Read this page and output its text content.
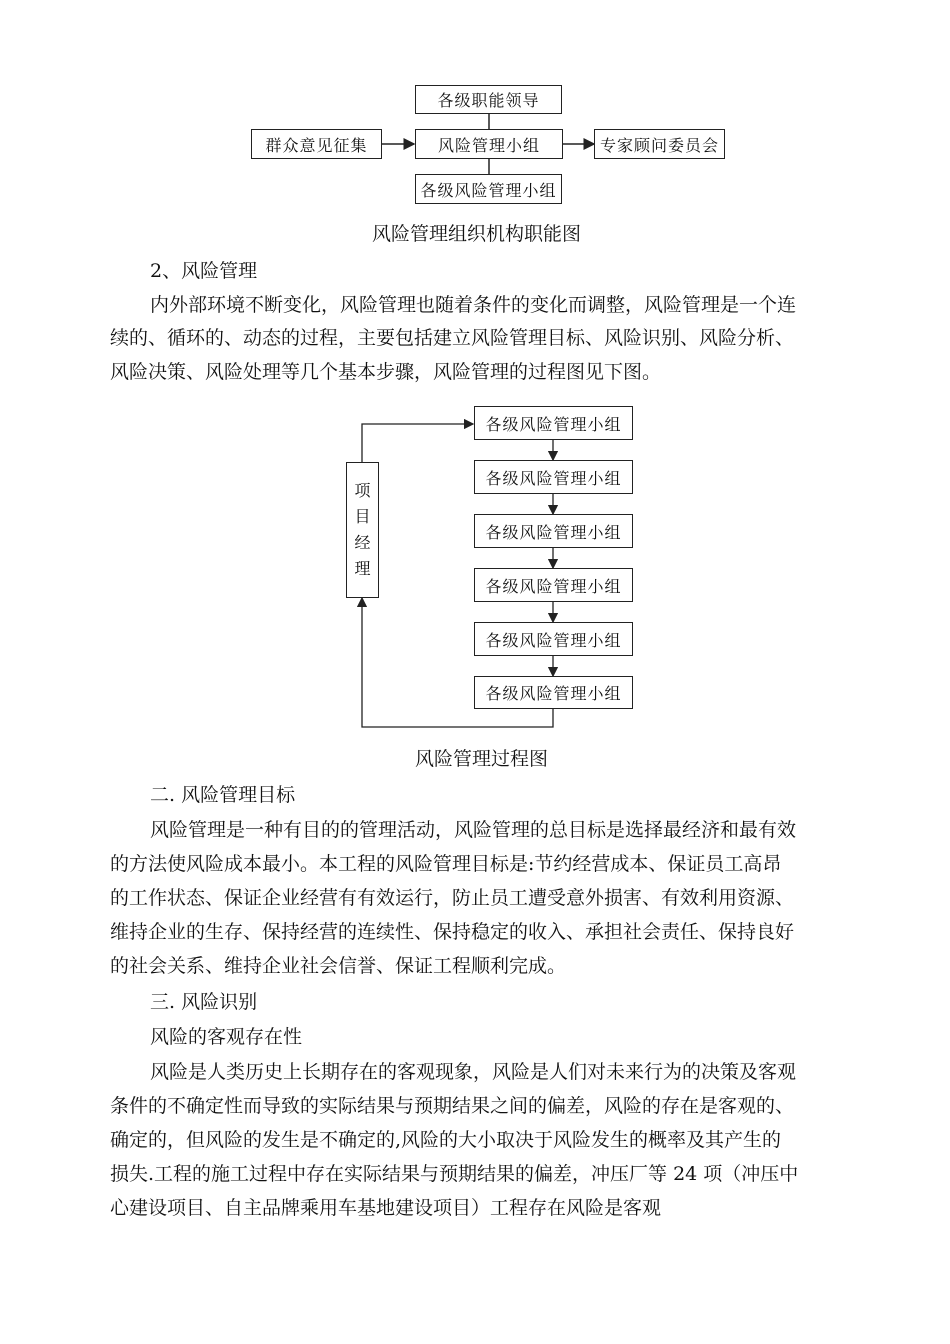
各级职能领导
群众意见征集	风险管理小组	专家顾问委员会
各级风险管理小组
风险管理组织机构职能图
2、风险管理
内外部环境不断变化，风险管理也随着条件的变化而调整，风险管理是一个连
续的、循环的、动态的过程，主要包括建立风险管理目标、风险识别、风险分析、
风险决策、风险处理等几个基本步骤，风险管理的过程图见下图。
各级风险管理小组
各级风险管理小组
各级风险管理小组
各级风险管理小组
各级风险管理小组
各级风险管理小组
项
目
经
理
风险管理过程图
二. 风险管理目标
风险管理是一种有目的的管理活动，风险管理的总目标是选择最经济和最有效
的方法使风险成本最小。本工程的风险管理目标是:节约经营成本、保证员工高昂
的工作状态、保证企业经营有有效运行，防止员工遭受意外损害、有效利用资源、
维持企业的生存、保持经营的连续性、保持稳定的收入、承担社会责任、保持良好
的社会关系、维持企业社会信誉、保证工程顺利完成。
三. 风险识别
风险的客观存在性
风险是人类历史上长期存在的客观现象，风险是人们对未来行为的决策及客观
条件的不确定性而导致的实际结果与预期结果之间的偏差，风险的存在是客观的、
确定的，但风险的发生是不确定的,风险的大小取决于风险发生的概率及其产生的
损失.工程的施工过程中存在实际结果与预期结果的偏差，冲压厂等 24 项（冲压中
心建设项目、自主品牌乘用车基地建设项目）工程存在风险是客观
